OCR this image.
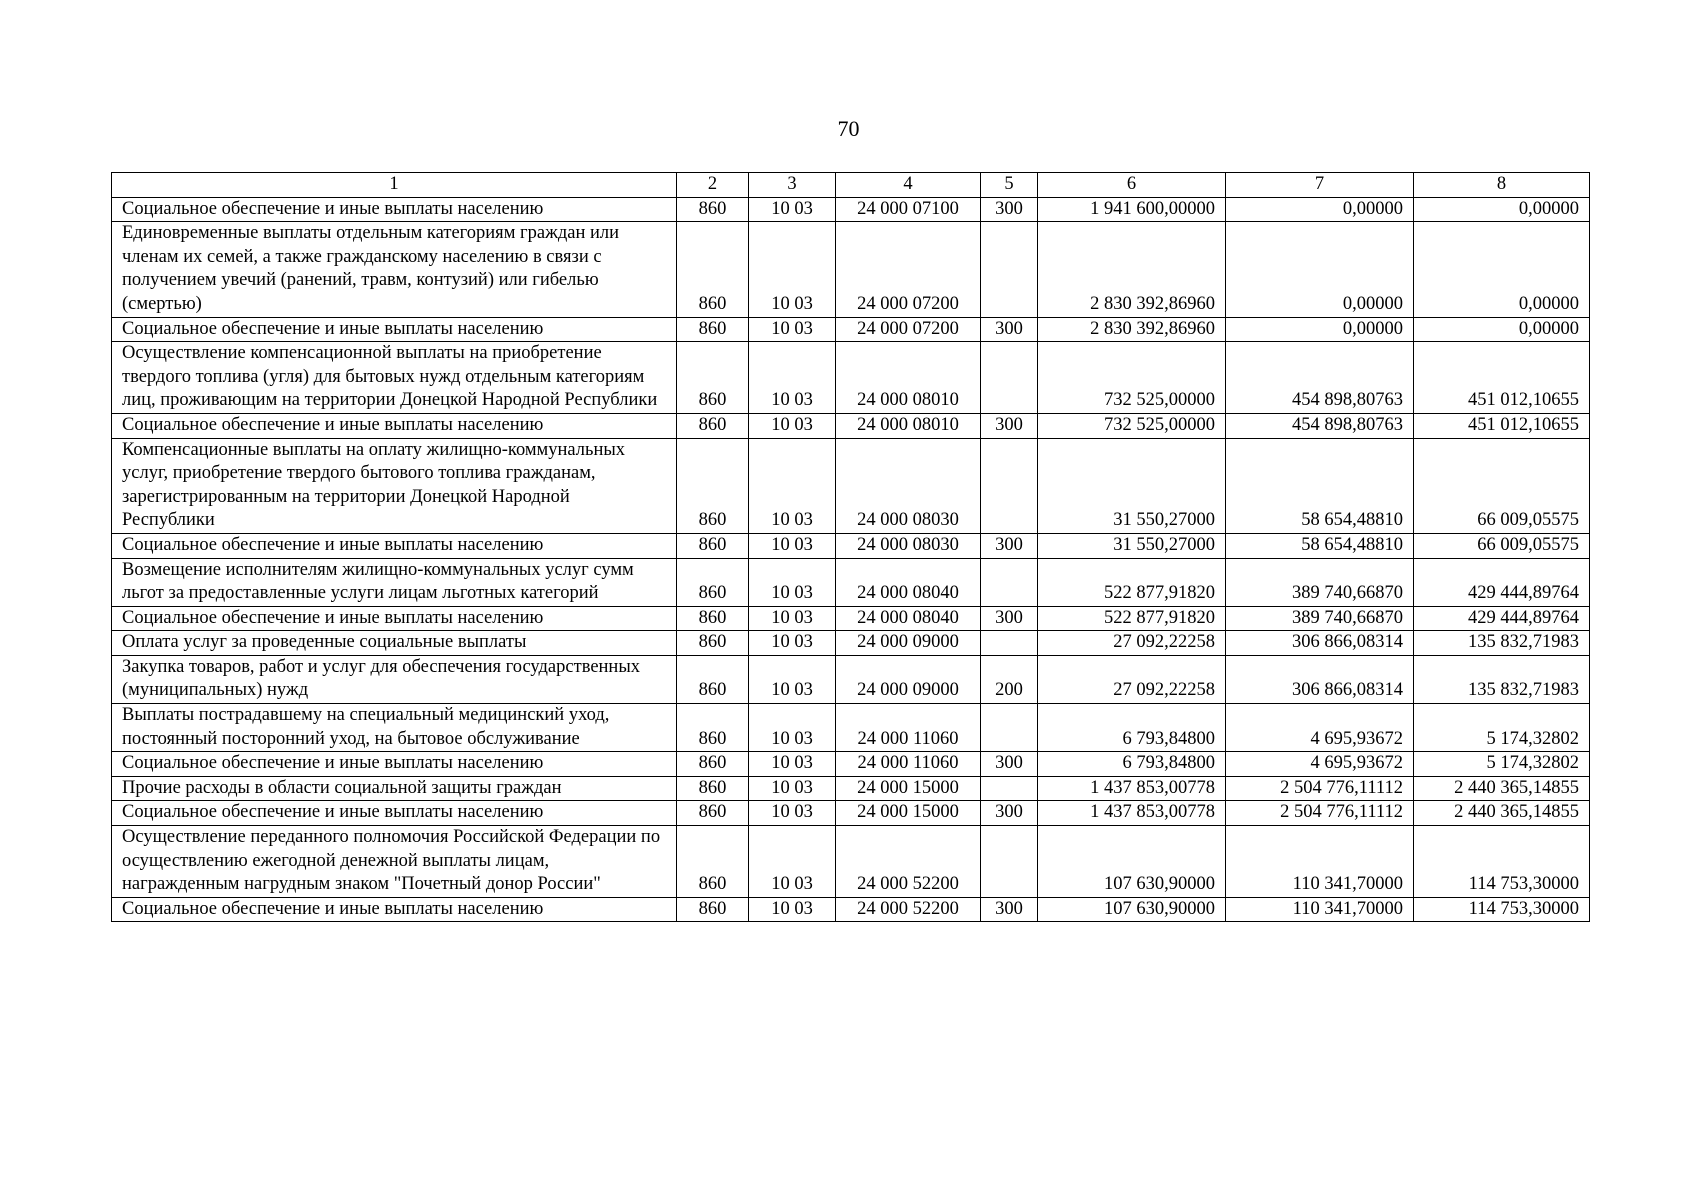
70
1	2	3	4	5	6	7	8
Социальное обеспечение и иные выплаты населению	860	10 03	24 000 07100	300	1 941 600,00000	0,00000	0,00000
Единовременные выплаты отдельным категориям граждан или членам их семей, а также гражданскому населению в связи с получением увечий (ранений, травм, контузий) или гибелью (смертью)	860	10 03	24 000 07200		2 830 392,86960	0,00000	0,00000
Социальное обеспечение и иные выплаты населению	860	10 03	24 000 07200	300	2 830 392,86960	0,00000	0,00000
Осуществление компенсационной выплаты на приобретение твердого топлива (угля) для бытовых нужд отдельным категориям лиц, проживающим на территории Донецкой Народной Республики	860	10 03	24 000 08010		732 525,00000	454 898,80763	451 012,10655
Социальное обеспечение и иные выплаты населению	860	10 03	24 000 08010	300	732 525,00000	454 898,80763	451 012,10655
Компенсационные выплаты на оплату жилищно-коммунальных услуг, приобретение твердого бытового топлива гражданам, зарегистрированным на территории Донецкой Народной Республики	860	10 03	24 000 08030		31 550,27000	58 654,48810	66 009,05575
Социальное обеспечение и иные выплаты населению	860	10 03	24 000 08030	300	31 550,27000	58 654,48810	66 009,05575
Возмещение исполнителям жилищно-коммунальных услуг сумм льгот за предоставленные услуги лицам льготных категорий	860	10 03	24 000 08040		522 877,91820	389 740,66870	429 444,89764
Социальное обеспечение и иные выплаты населению	860	10 03	24 000 08040	300	522 877,91820	389 740,66870	429 444,89764
Оплата услуг за проведенные социальные выплаты	860	10 03	24 000 09000		27 092,22258	306 866,08314	135 832,71983
Закупка товаров, работ и услуг для обеспечения государственных (муниципальных) нужд	860	10 03	24 000 09000	200	27 092,22258	306 866,08314	135 832,71983
Выплаты пострадавшему на специальный медицинский уход, постоянный посторонний уход, на бытовое обслуживание	860	10 03	24 000 11060		6 793,84800	4 695,93672	5 174,32802
Социальное обеспечение и иные выплаты населению	860	10 03	24 000 11060	300	6 793,84800	4 695,93672	5 174,32802
Прочие расходы в области социальной защиты граждан	860	10 03	24 000 15000		1 437 853,00778	2 504 776,11112	2 440 365,14855
Социальное обеспечение и иные выплаты населению	860	10 03	24 000 15000	300	1 437 853,00778	2 504 776,11112	2 440 365,14855
Осуществление переданного полномочия Российской Федерации по осуществлению ежегодной денежной выплаты лицам, награжденным нагрудным знаком "Почетный донор России"	860	10 03	24 000 52200		107 630,90000	110 341,70000	114 753,30000
Социальное обеспечение и иные выплаты населению	860	10 03	24 000 52200	300	107 630,90000	110 341,70000	114 753,30000
